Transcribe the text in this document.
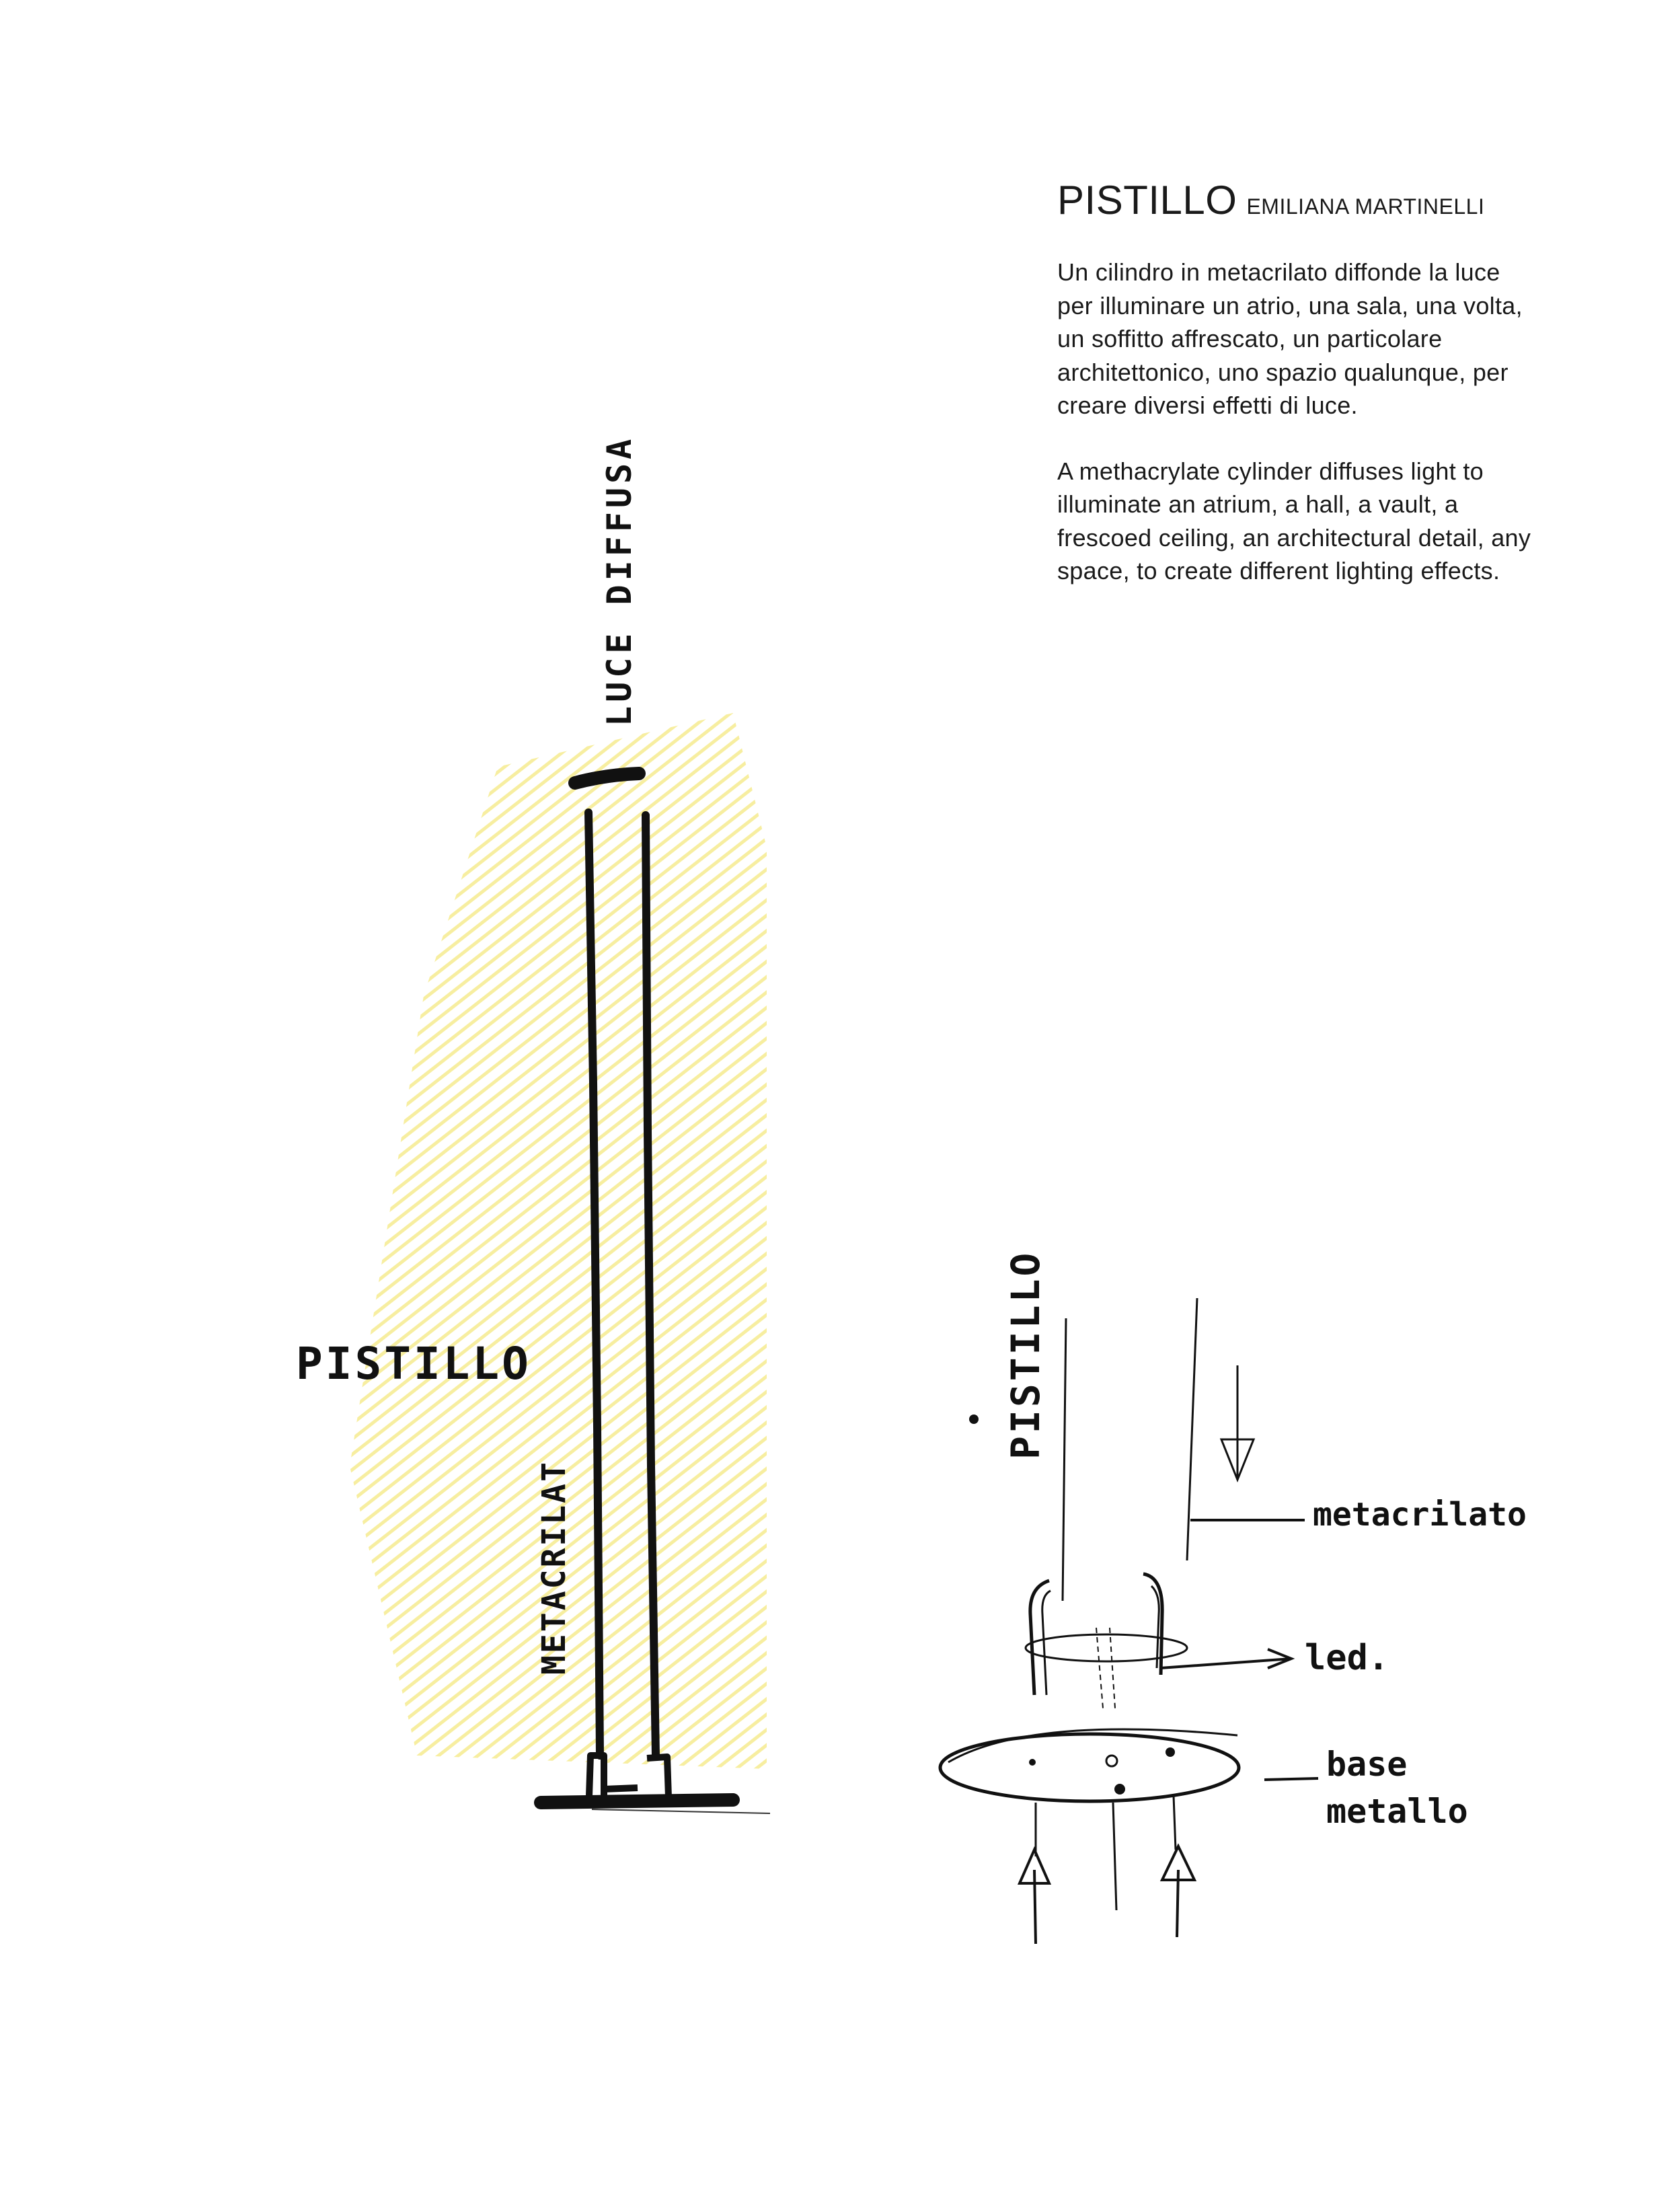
PISTILLO EMILIANA MARTINELLI

Un cilindro in metacrilato diffonde la luce per illuminare un atrio, una sala, una volta, un soffitto affrescato, un particolare architettonico, uno spazio qualunque, per creare diversi effetti di luce.

A methacrylate cylinder diffuses light to illuminate an atrium, a hall, a vault, a frescoed ceiling, an architectural detail, any space, to create different lighting effects.

LUCE DIFFUSA
PISTILLO
METACRILAT
PISTILLO
metacrilato
led.
base
metallo
